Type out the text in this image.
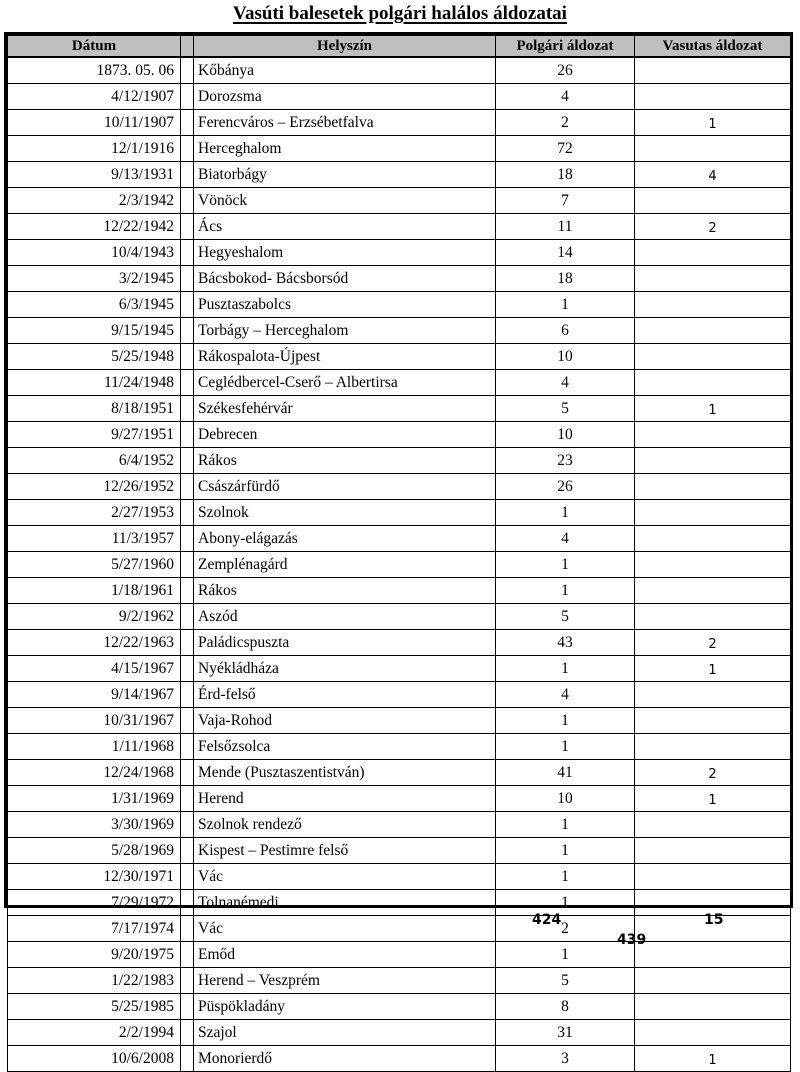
Vasúti balesetek polgári halálos áldozatai
Dátum		Helyszín	Polgári áldozat	Vasutas áldozat
1873. 05. 06		Kőbánya	26	
4/12/1907		Dorozsma	4	
10/11/1907		Ferencváros – Erzsébetfalva	2	1
12/1/1916		Herceghalom	72	
9/13/1931		Biatorbágy	18	4
2/3/1942		Vönöck	7	
12/22/1942		Ács	11	2
10/4/1943		Hegyeshalom	14	
3/2/1945		Bácsbokod- Bácsborsód	18	
6/3/1945		Pusztaszabolcs	1	
9/15/1945		Torbágy – Herceghalom	6	
5/25/1948		Rákospalota-Újpest	10	
11/24/1948		Ceglédbercel-Cserő – Albertirsa	4	
8/18/1951		Székesfehérvár	5	1
9/27/1951		Debrecen	10	
6/4/1952		Rákos	23	
12/26/1952		Császárfürdő	26	
2/27/1953		Szolnok	1	
11/3/1957		Abony-elágazás	4	
5/27/1960		Zemplénagárd	1	
1/18/1961		Rákos	1	
9/2/1962		Aszód	5	
12/22/1963		Paládicspuszta	43	2
4/15/1967		Nyékládháza	1	1
9/14/1967		Érd-felső	4	
10/31/1967		Vaja-Rohod	1	
1/11/1968		Felsőzsolca	1	
12/24/1968		Mende (Pusztaszentistván)	41	2
1/31/1969		Herend	10	1
3/30/1969		Szolnok rendező	1	
5/28/1969		Kispest – Pestimre felső	1	
12/30/1971		Vác	1	
7/29/1972		Tolnanémedi	1	
7/17/1974		Vác	2	
9/20/1975		Emőd	1	
1/22/1983		Herend – Veszprém	5	
5/25/1985		Püspökladány	8	
2/2/1994		Szajol	31	
10/6/2008		Monorierdő	3	1
424	15
439
